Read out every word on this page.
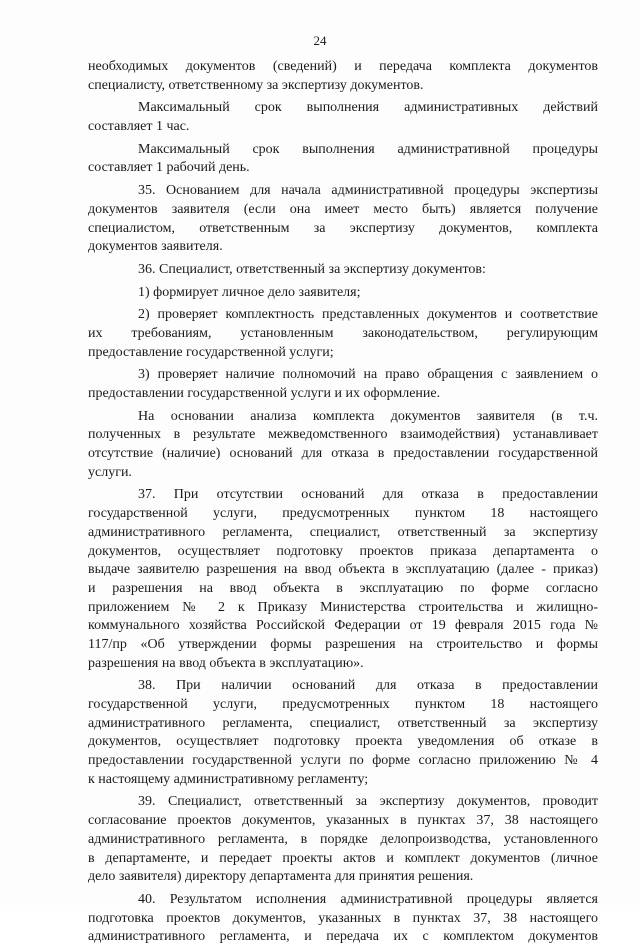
24
необходимых документов (сведений) и передача комплекта документов
специалисту, ответственному за экспертизу документов.
Максимальный срок выполнения административных действий
составляет 1 час.
Максимальный срок выполнения административной процедуры
составляет 1 рабочий день.
35. Основанием для начала административной процедуры экспертизы
документов заявителя (если она имеет место быть) является получение
специалистом, ответственным за экспертизу документов, комплекта
документов заявителя.
36. Специалист, ответственный за экспертизу документов:
1) формирует личное дело заявителя;
2) проверяет комплектность представленных документов и соответствие
их требованиям, установленным законодательством, регулирующим
предоставление государственной услуги;
3) проверяет наличие полномочий на право обращения с заявлением о
предоставлении государственной услуги и их оформление.
На основании анализа комплекта документов заявителя (в т.ч.
полученных в результате межведомственного взаимодействия) устанавливает
отсутствие (наличие) оснований для отказа в предоставлении государственной
услуги.
37. При отсутствии оснований для отказа в предоставлении
государственной услуги, предусмотренных пунктом 18 настоящего
административного регламента, специалист, ответственный за экспертизу
документов, осуществляет подготовку проектов приказа департамента о
выдаче заявителю разрешения на ввод объекта в эксплуатацию (далее - приказ)
и разрешения на ввод объекта в эксплуатацию по форме согласно
приложением № 2 к Приказу Министерства строительства и жилищно-
коммунального хозяйства Российской Федерации от 19 февраля 2015 года №
117/пр «Об утверждении формы разрешения на строительство и формы
разрешения на ввод объекта в эксплуатацию».
38. При наличии оснований для отказа в предоставлении
государственной услуги, предусмотренных пунктом 18 настоящего
административного регламента, специалист, ответственный за экспертизу
документов, осуществляет подготовку проекта уведомления об отказе в
предоставлении государственной услуги по форме согласно приложению № 4
к настоящему административному регламенту;
39. Специалист, ответственный за экспертизу документов, проводит
согласование проектов документов, указанных в пунктах 37, 38 настоящего
административного регламента, в порядке делопроизводства, установленного
в департаменте, и передает проекты актов и комплект документов (личное
дело заявителя) директору департамента для принятия решения.
40. Результатом исполнения административной процедуры является
подготовка проектов документов, указанных в пунктах 37, 38 настоящего
административного регламента, и передача их с комплектом документов
